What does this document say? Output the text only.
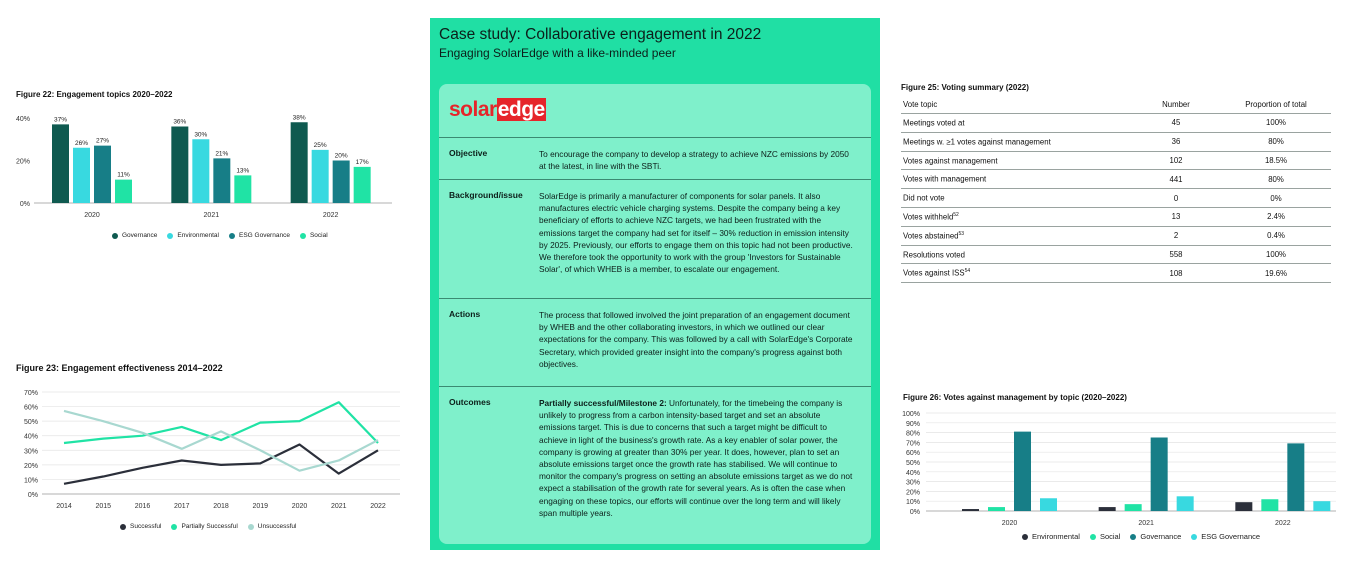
Figure 22: Engagement topics 2020–2022
40%
20%
0%
37%
26% 27%
11%
2020
36%
30%
21%
13%
2021
38%
25%
20%
17%
2022
Governance	Environmental	ESG Governance	Social
Figure 23: Engagement effectiveness 2014–2022
70%
60%
50%
40%
30%
20%
10%
0%
2014	2015	2016	2017	2018	2019	2020	2021	2022
Successful	Partially Successful	Unsuccessful
Case study: Collaborative engagement in 2022
Engaging SolarEdge with a like-minded peer
solaredge
Objective	To encourage the company to develop a strategy to achieve NZC emissions by 2050 at the latest, in line with the SBTi.
Background/issue SolarEdge is primarily a manufacturer of components for solar panels. It also manufactures electric vehicle charging systems. Despite the company being a key beneficiary of efforts to achieve NZC targets, we had been frustrated with the emissions target the company had set for itself – 30% reduction in emission intensity by 2025. Previously, our efforts to engage them on this topic had not been productive. We therefore took the opportunity to work with the group 'Investors for Sustainable Solar', of which WHEB is a member, to escalate our engagement.
Actions	The process that followed involved the joint preparation of an engagement document by WHEB and the other collaborating investors, in which we outlined our clear expectations for the company. This was followed by a call with SolarEdge's Corporate Secretary, which provided greater insight into the company's progress against both objectives.
Outcomes	Partially successful/Milestone 2: Unfortunately, for the timebeing the company is unlikely to progress from a carbon intensity-based target and set an absolute emissions target. This is due to concerns that such a target might be difficult to achieve in light of the business's growth rate. As a key enabler of solar power, the company is growing at greater than 30% per year. It does, however, plan to set an absolute emissions target once the growth rate has stabilised. We will continue to monitor the company's progress on setting an absolute emissions target as we do not expect a stabilisation of the growth rate for several years. As is often the case when engaging on these topics, our efforts will continue over the long term and will likely span multiple years.
Figure 25: Voting summary (2022)
Vote topic	Number	Proportion of total
Meetings voted at	45	100%
Meetings w. ≥1 votes against management	36	80%
Votes against management	102	18.5%
Votes with management	441	80%
Did not vote	0	0%
Votes withheld$^{52}$	13	2.4%
Votes abstained$^{53}$	2	0.4%
Resolutions voted	558	100%
Votes against ISS$^{54}$	108	19.6%
Figure 26: Votes against management by topic (2020–2022)
100%
90%
80%
70%
60%
50%
40%
30%
20%
10%
0%
2020	2021	2022
Environmental	Social	Governance	ESG Governance
